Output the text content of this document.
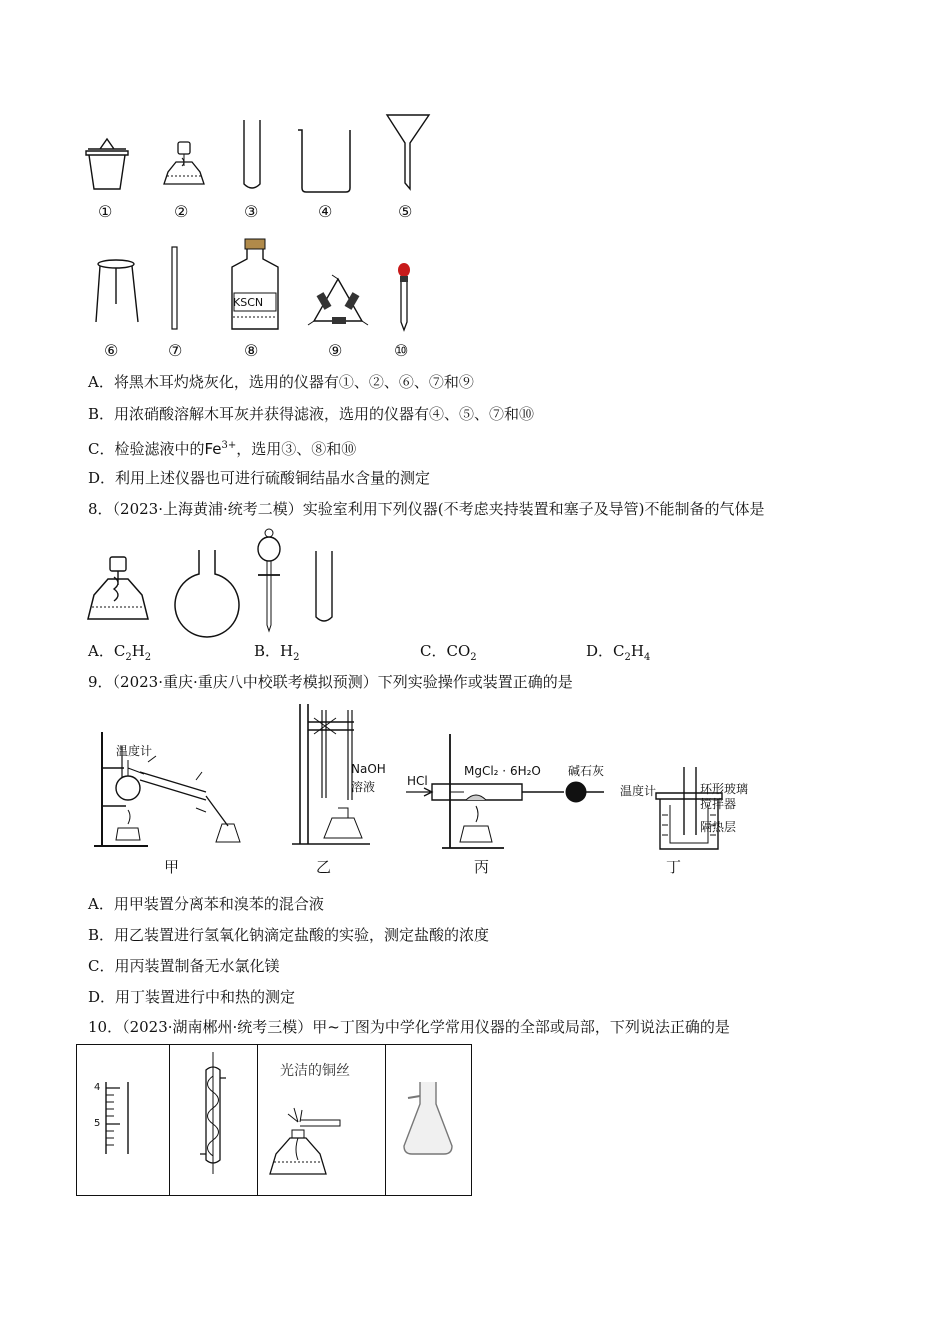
①	②	③	④	⑤
KSCN
⑥	⑦	⑧	⑨	⑩
A．将黑木耳灼烧灰化，选用的仪器有①、②、⑥、⑦和⑨
B．用浓硝酸溶解木耳灰并获得滤液，选用的仪器有④、⑤、⑦和⑩
C．检验滤液中的$Fe^{3+}$，选用③、⑧和⑩
D．利用上述仪器也可进行硫酸铜结晶水含量的测定
8．（2023·上海黄浦·统考二模）实验室利用下列仪器(不考虑夹持装置和塞子及导管)不能制备的气体是
A．$C_2H_2$	B．$H_2$	C．$CO_2$	D．$C_2H_4$
9．（2023·重庆·重庆八中校联考模拟预测）下列实验操作或装置正确的是
温度计
甲
NaOH
溶液
乙
HCl
MgCl₂ · 6H₂O 碱石灰
丙
温度计	环形玻璃
搅拌器
隔热层
丁
A．用甲装置分离苯和溴苯的混合液
B．用乙装置进行氢氧化钠滴定盐酸的实验，测定盐酸的浓度
C．用丙装置制备无水氯化镁
D．用丁装置进行中和热的测定
10．（2023·湖南郴州·统考三模）甲~丁图为中学化学常用仪器的全部或局部，下列说法正确的是
4
5
光洁的铜丝
